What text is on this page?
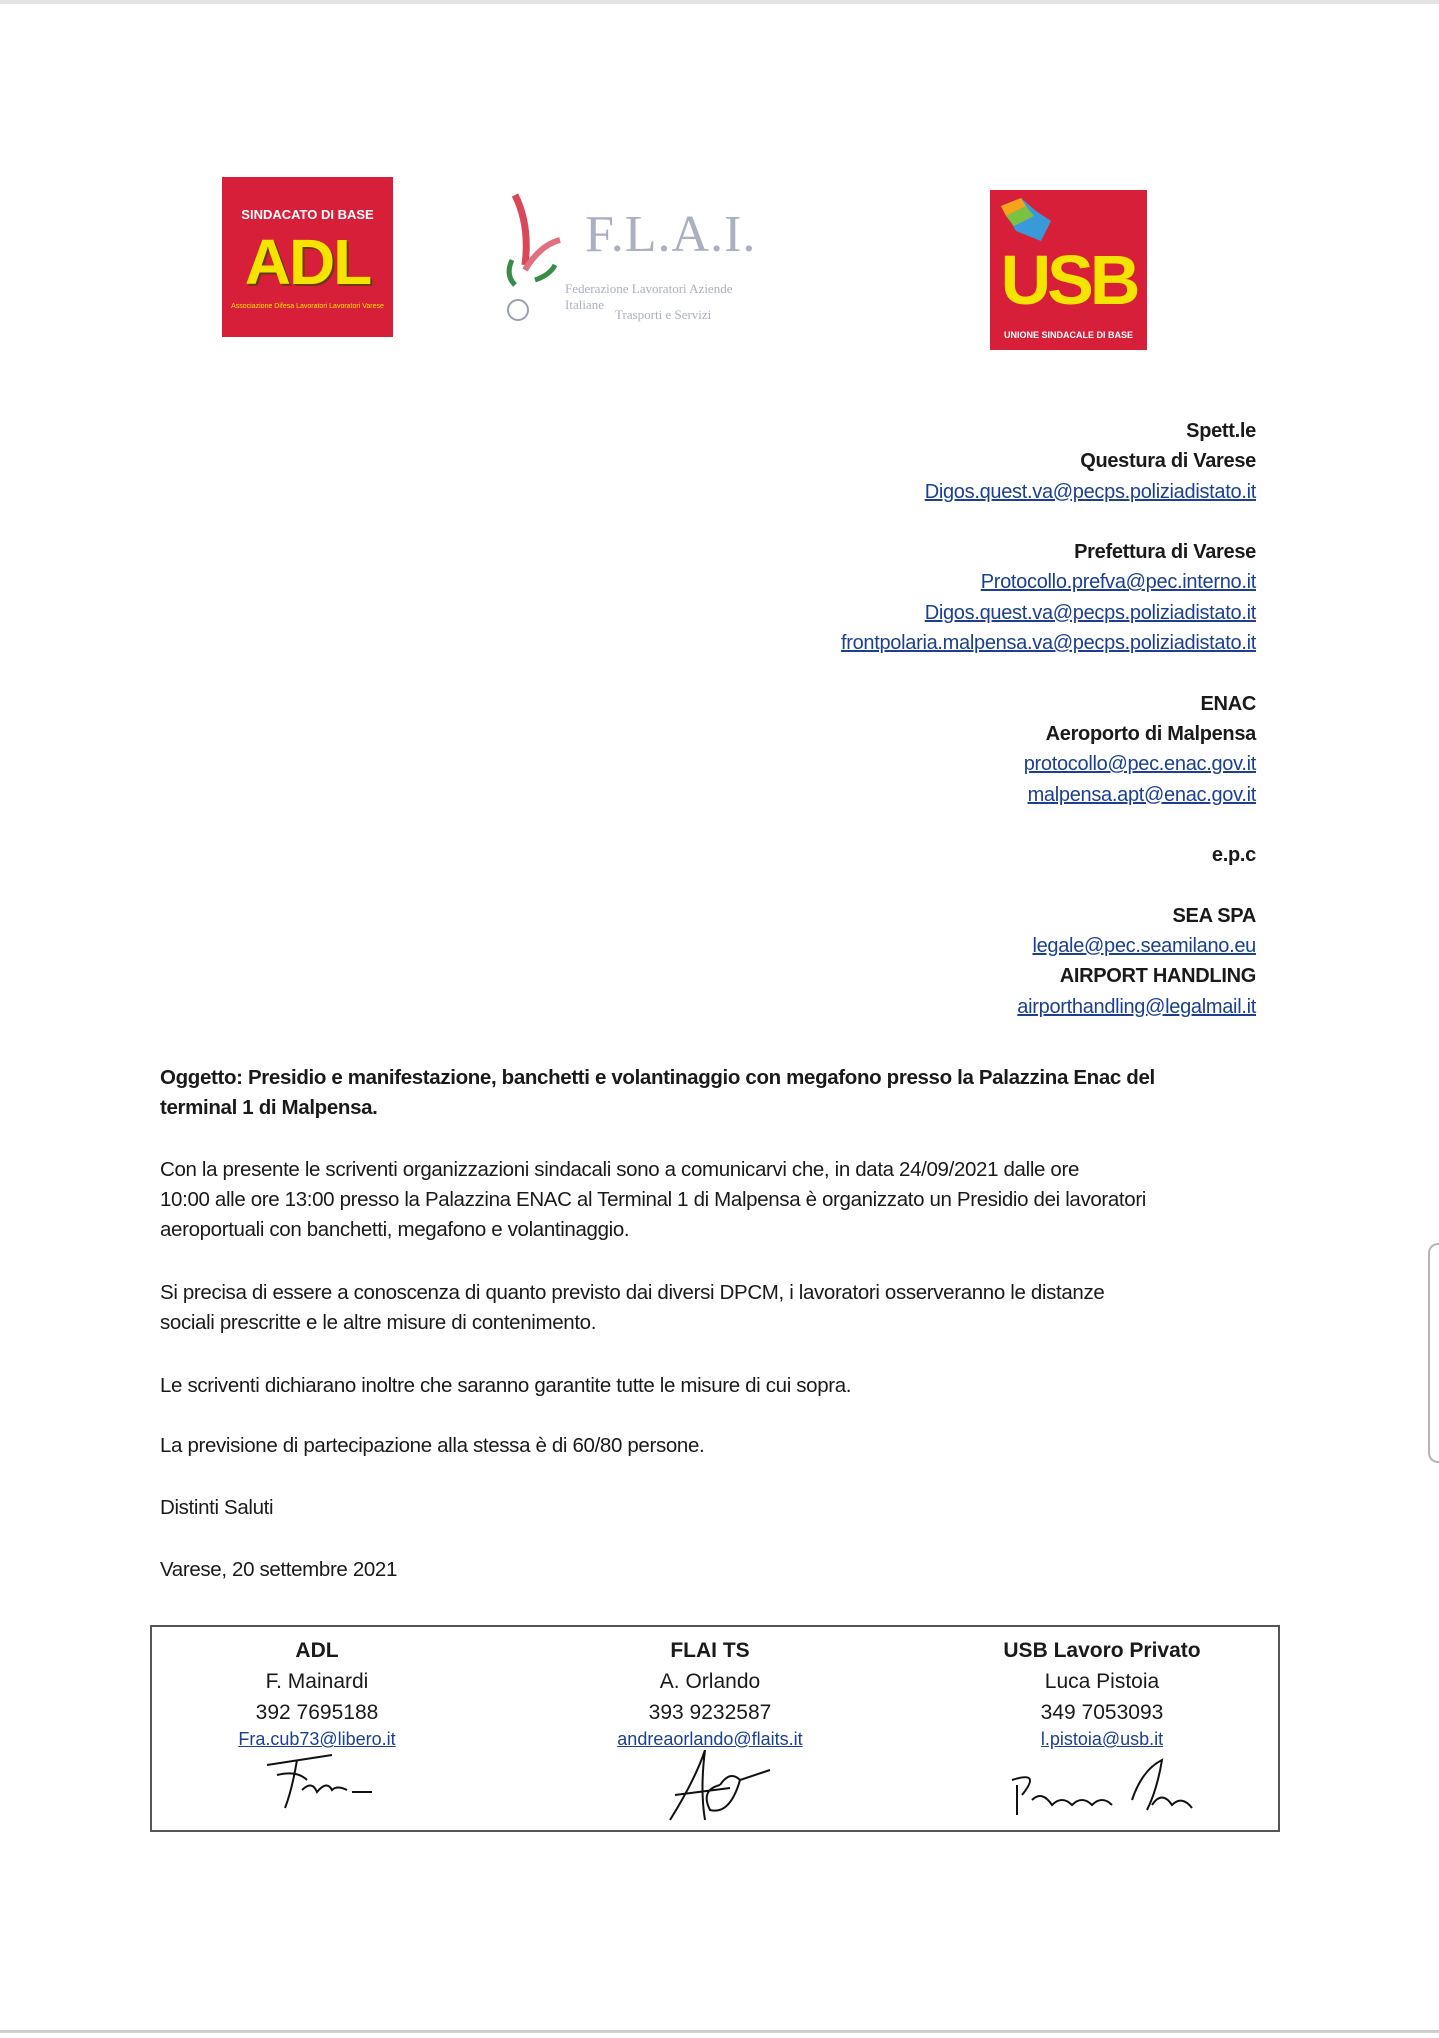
SINDACATO DI BASE
ADL
Associazione Difesa Lavoratori Lavoratori Varese
F.L.A.I.
Federazione Lavoratori Aziende Italiane
Trasporti e Servizi	USB
UNIONE SINDACALE DI BASE
Spett.le
Questura di Varese
Digos.quest.va@pecps.poliziadistato.it

Prefettura di Varese
Protocollo.prefva@pec.interno.it
Digos.quest.va@pecps.poliziadistato.it
frontpolaria.malpensa.va@pecps.poliziadistato.it

ENAC
Aeroporto di Malpensa
protocollo@pec.enac.gov.it
malpensa.apt@enac.gov.it

e.p.c

SEA SPA
legale@pec.seamilano.eu
AIRPORT HANDLING
airporthandling@legalmail.it
Oggetto: Presidio e manifestazione, banchetti e volantinaggio con megafono presso la Palazzina Enac del
terminal 1 di Malpensa.
Con la presente le scriventi organizzazioni sindacali sono a comunicarvi che, in data 24/09/2021 dalle ore
10:00 alle ore 13:00 presso la Palazzina ENAC al Terminal 1 di Malpensa è organizzato un Presidio dei lavoratori
aeroportuali con banchetti, megafono e volantinaggio.
Si precisa di essere a conoscenza di quanto previsto dai diversi DPCM, i lavoratori osserveranno le distanze
sociali prescritte e le altre misure di contenimento.
Le scriventi dichiarano inoltre che saranno garantite tutte le misure di cui sopra.
La previsione di partecipazione alla stessa è di 60/80 persone.
Distinti Saluti
Varese, 20 settembre 2021
ADL
F. Mainardi
392 7695188
Fra.cub73@libero.it
FLAI TS
A. Orlando
393 9232587
andreaorlando@flaits.it
USB Lavoro Privato
Luca Pistoia
349 7053093
l.pistoia@usb.it
